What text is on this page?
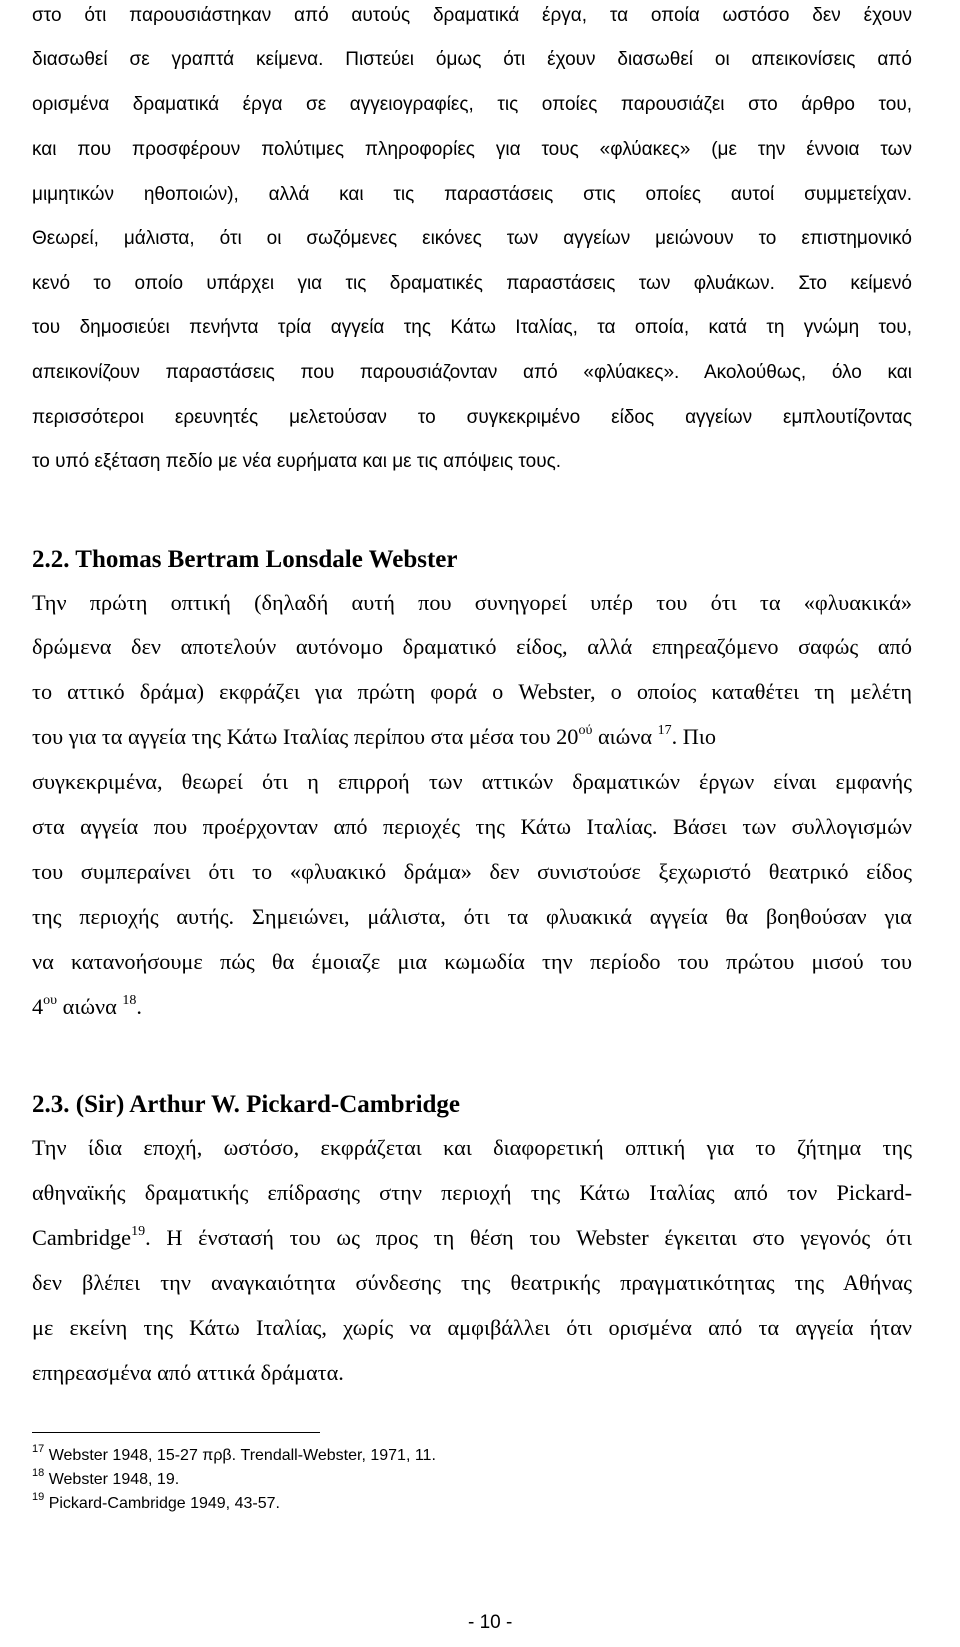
στο ότι παρουσιάστηκαν από αυτούς δραματικά έργα, τα οποία ωστόσο δεν έχουν
διασωθεί σε γραπτά κείμενα. Πιστεύει όμως ότι έχουν διασωθεί οι απεικονίσεις από
ορισμένα δραματικά έργα σε αγγειογραφίες, τις οποίες παρουσιάζει στο άρθρο του,
και που προσφέρουν πολύτιμες πληροφορίες για τους «φλύακες» (με την έννοια των
μιμητικών ηθοποιών), αλλά και τις παραστάσεις στις οποίες αυτοί συμμετείχαν.
Θεωρεί, μάλιστα, ότι οι σωζόμενες εικόνες των αγγείων μειώνουν το επιστημονικό
κενό το οποίο υπάρχει για τις δραματικές παραστάσεις των φλυάκων. Στο κείμενό
του δημοσιεύει πενήντα τρία αγγεία της Κάτω Ιταλίας, τα οποία, κατά τη γνώμη του,
απεικονίζουν παραστάσεις που παρουσιάζονταν από «φλύακες». Ακολούθως, όλο και
περισσότεροι ερευνητές μελετούσαν το συγκεκριμένο είδος αγγείων εμπλουτίζοντας
το υπό εξέταση πεδίο με νέα ευρήματα και με τις απόψεις τους.
2.2. Thomas Bertram Lonsdale Webster
Την πρώτη οπτική (δηλαδή αυτή που συνηγορεί υπέρ του ότι τα «φλυακικά»
δρώμενα δεν αποτελούν αυτόνομο δραματικό είδος, αλλά επηρεαζόμενο σαφώς από
το αττικό δράμα) εκφράζει για πρώτη φορά ο Webster, ο οποίος καταθέτει τη μελέτη
του για τα αγγεία της Κάτω Ιταλίας περίπου στα μέσα του $20^{oύ}$ αιώνα $^{17}$. Πιο
συγκεκριμένα, θεωρεί ότι η επιρροή των αττικών δραματικών έργων είναι εμφανής
στα αγγεία που προέρχονταν από περιοχές της Κάτω Ιταλίας. Βάσει των συλλογισμών
του συμπεραίνει ότι το «φλυακικό δράμα» δεν συνιστούσε ξεχωριστό θεατρικό είδος
της περιοχής αυτής. Σημειώνει, μάλιστα, ότι τα φλυακικά αγγεία θα βοηθούσαν για
να κατανοήσουμε πώς θα έμοιαζε μια κωμωδία την περίοδο του πρώτου μισού του
$4^{o\upsilon}$ αιώνα $^{18}$.
2.3. (Sir) Arthur W. Pickard-Cambridge
Την ίδια εποχή, ωστόσο, εκφράζεται και διαφορετική οπτική για το ζήτημα της
αθηναϊκής δραματικής επίδρασης στην περιοχή της Κάτω Ιταλίας από τον Pickard-
Cambridge$^{19}$. Η ένστασή του ως προς τη θέση του Webster έγκειται στο γεγονός ότι
δεν βλέπει την αναγκαιότητα σύνδεσης της θεατρικής πραγματικότητας της Αθήνας
με εκείνη της Κάτω Ιταλίας, χωρίς να αμφιβάλλει ότι ορισμένα από τα αγγεία ήταν
επηρεασμένα από αττικά δράματα.
$^{17}$ Webster 1948, 15-27 πρβ. Trendall-Webster, 1971, 11.
$^{18}$ Webster 1948, 19.
$^{19}$ Pickard-Cambridge 1949, 43-57.
- 10 -
